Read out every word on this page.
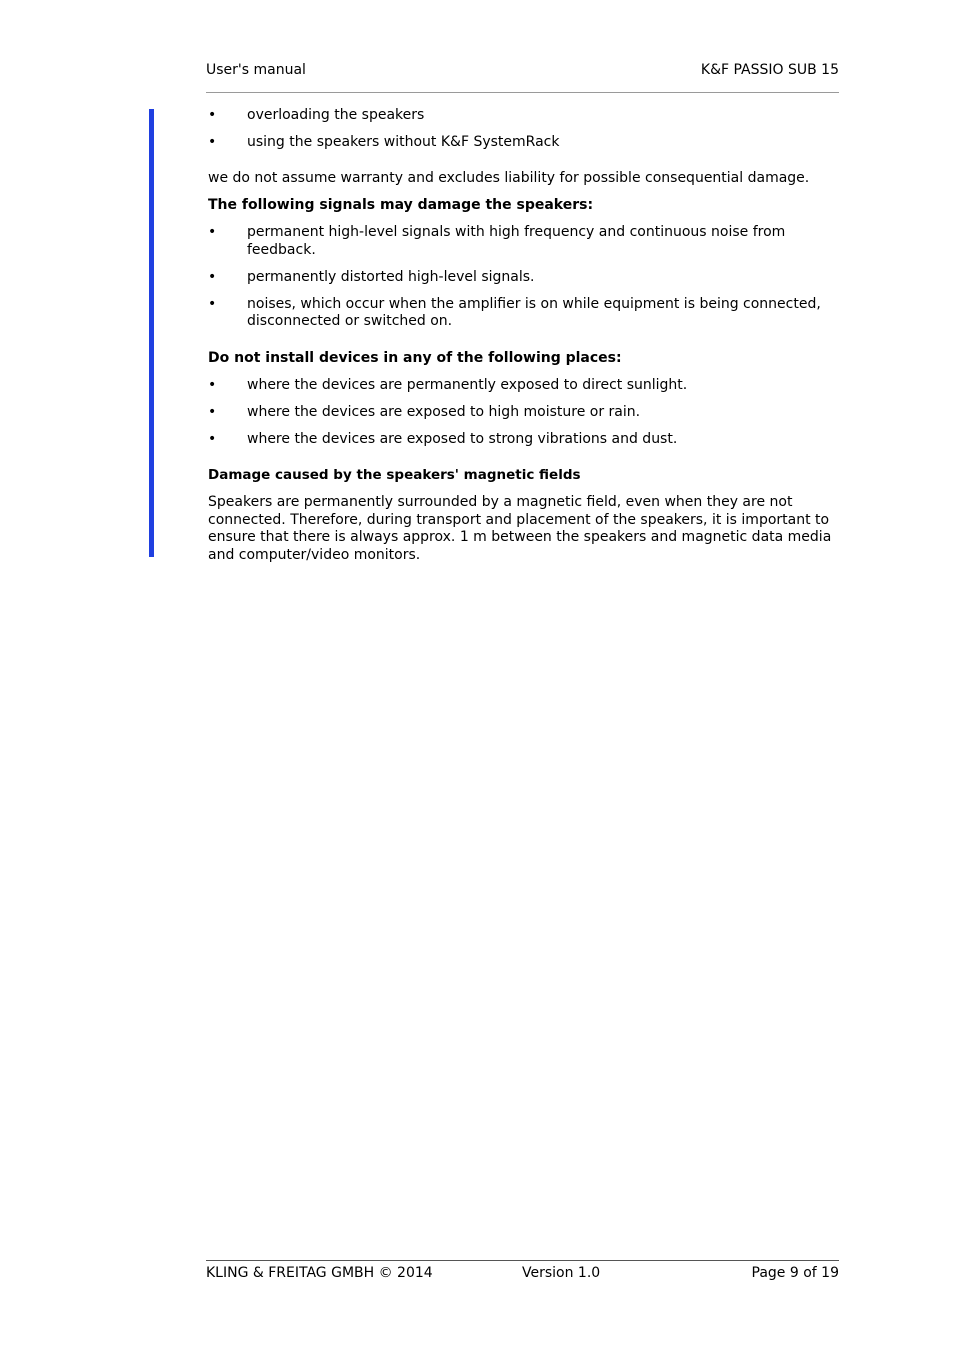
User's manual	K&F PASSIO SUB 15
• overloading the speakers
• using the speakers without K&F SystemRack

we do not assume warranty and excludes liability for possible consequential damage.

The following signals may damage the speakers:

• permanent high-level signals with high frequency and continuous noise from feedback.
• permanently distorted high-level signals.
• noises, which occur when the amplifier is on while equipment is being connected, disconnected or switched on.

Do not install devices in any of the following places:

• where the devices are permanently exposed to direct sunlight.
• where the devices are exposed to high moisture or rain.
• where the devices are exposed to strong vibrations and dust.

Damage caused by the speakers' magnetic fields

Speakers are permanently surrounded by a magnetic field, even when they are not connected. Therefore, during transport and placement of the speakers, it is important to ensure that there is always approx. 1 m between the speakers and magnetic data media and computer/video monitors.

KLING & FREITAG GMBH © 2014	Version 1.0	Page 9 of 19
